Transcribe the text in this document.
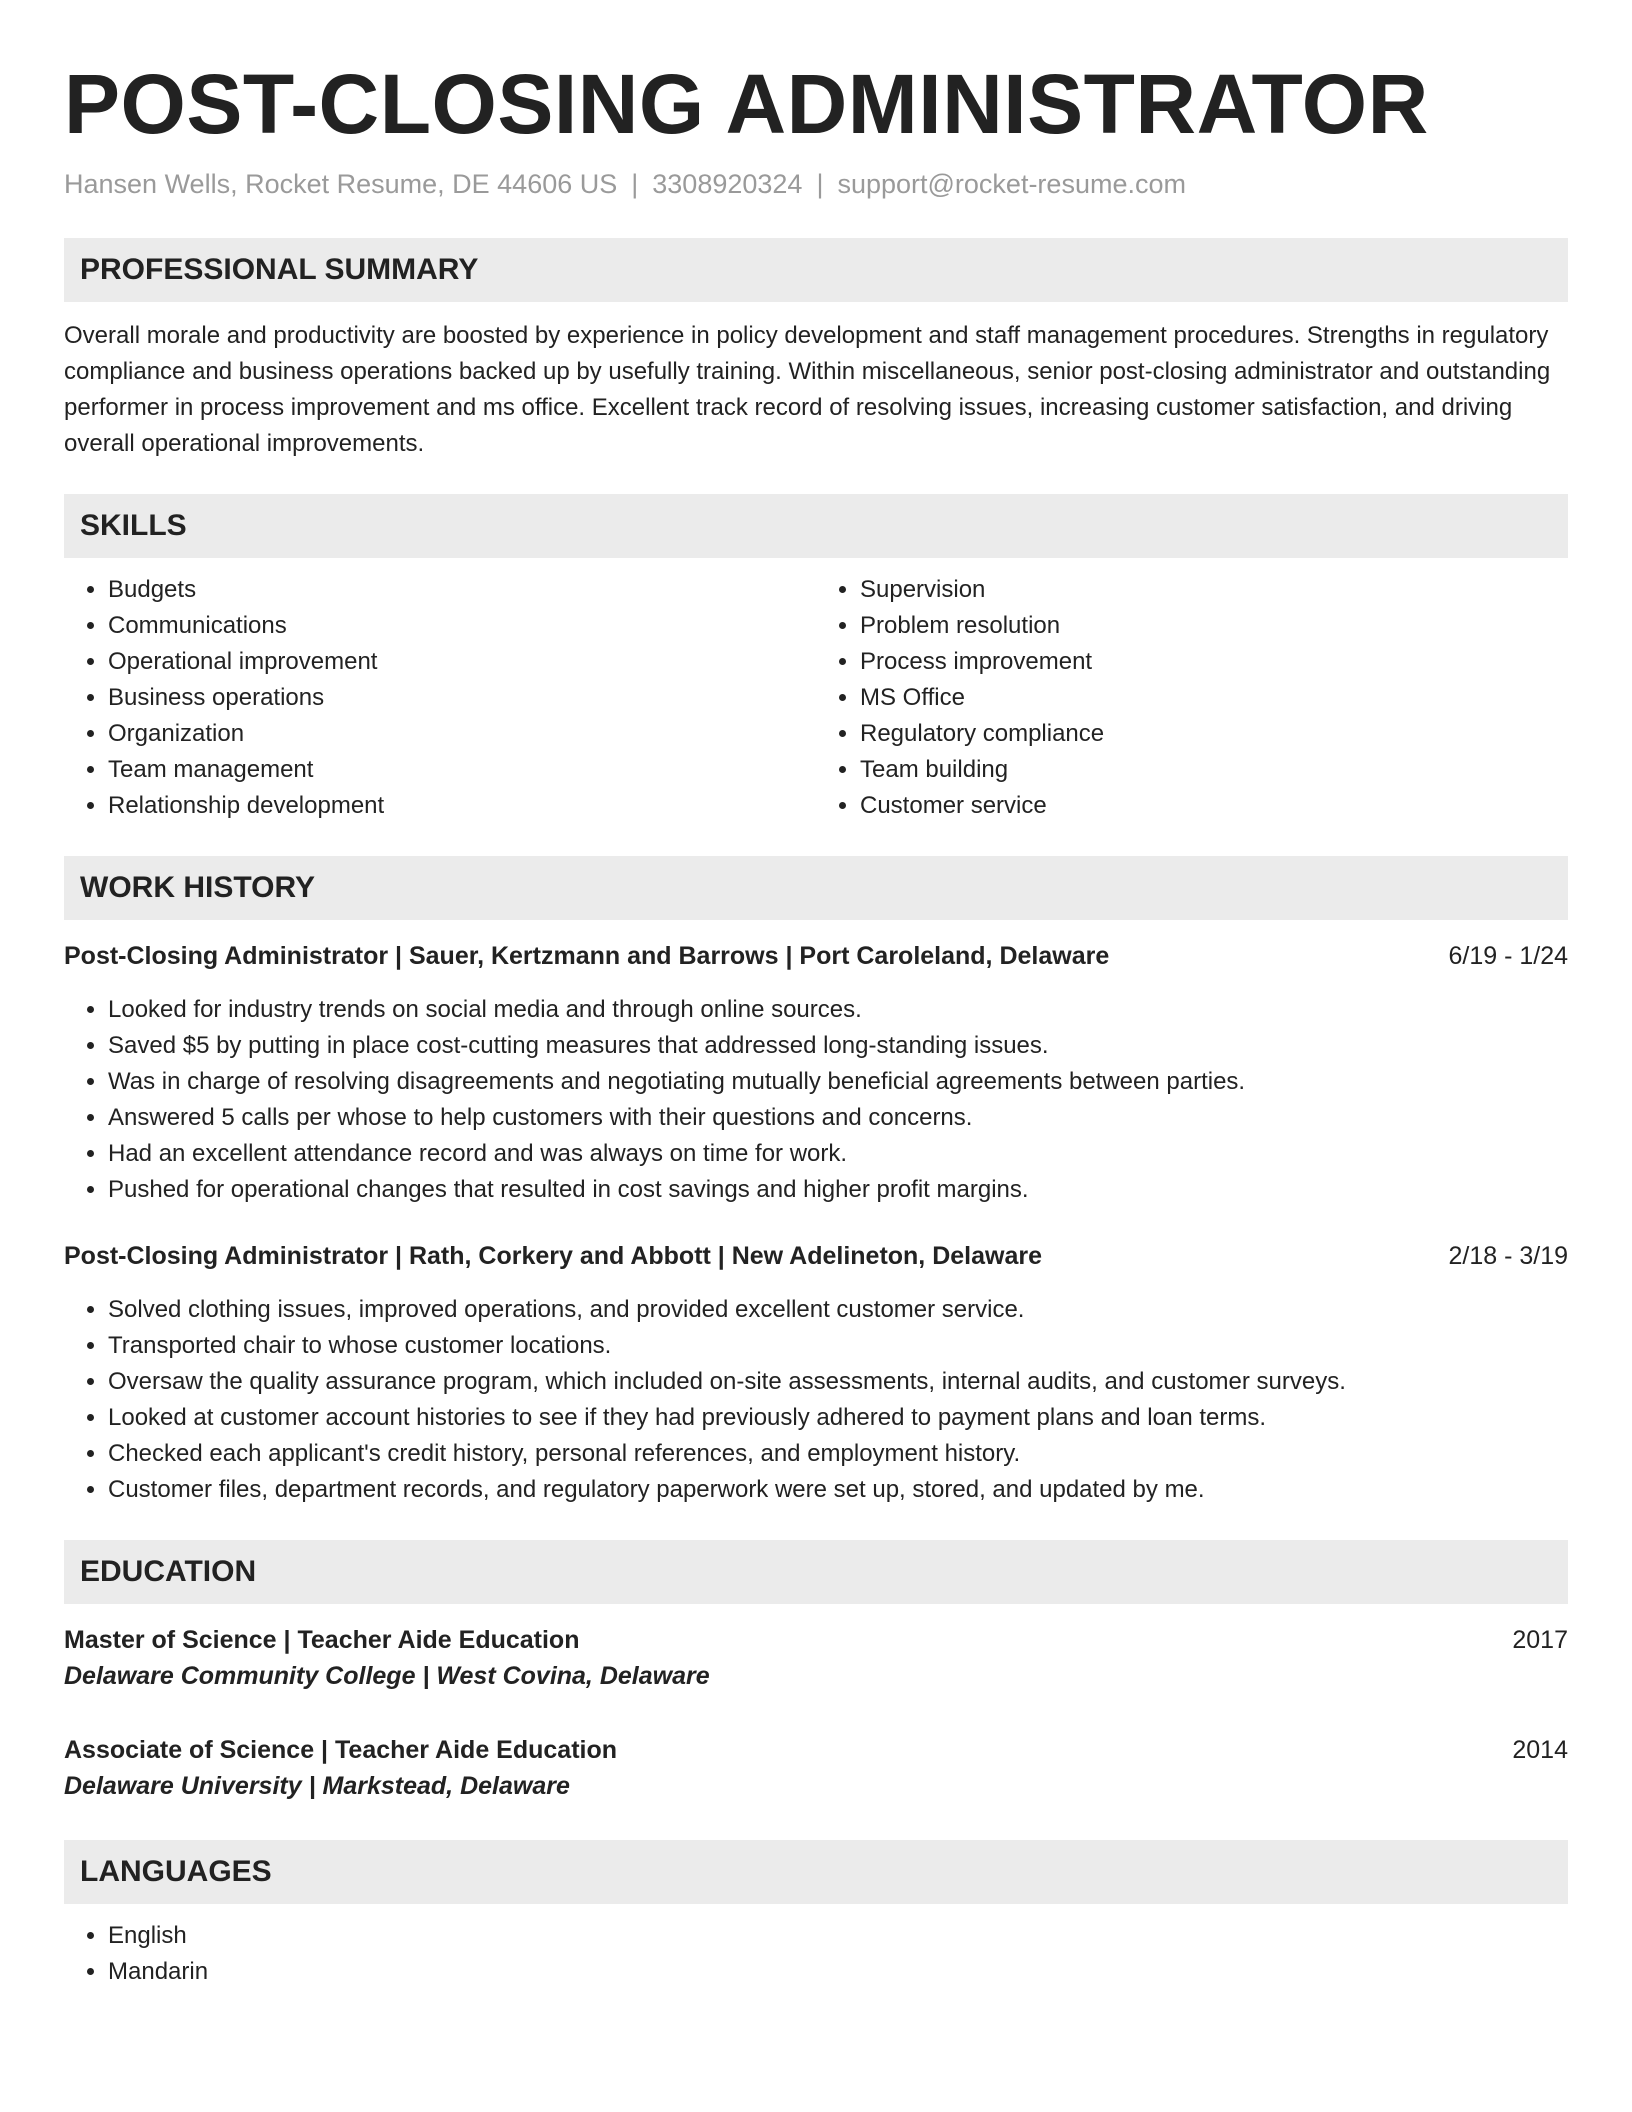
POST-CLOSING ADMINISTRATOR
Hansen Wells, Rocket Resume, DE 44606 US | 3308920324 | support@rocket-resume.com
PROFESSIONAL SUMMARY
Overall morale and productivity are boosted by experience in policy development and staff management procedures. Strengths in regulatory compliance and business operations backed up by usefully training. Within miscellaneous, senior post-closing administrator and outstanding performer in process improvement and ms office. Excellent track record of resolving issues, increasing customer satisfaction, and driving overall operational improvements.
SKILLS
• Budgets
• Communications
• Operational improvement
• Business operations
• Organization
• Team management
• Relationship development
• Supervision
• Problem resolution
• Process improvement
• MS Office
• Regulatory compliance
• Team building
• Customer service
WORK HISTORY
Post-Closing Administrator | Sauer, Kertzmann and Barrows | Port Caroleland, Delaware	6/19 - 1/24
• Looked for industry trends on social media and through online sources.
• Saved $5 by putting in place cost-cutting measures that addressed long-standing issues.
• Was in charge of resolving disagreements and negotiating mutually beneficial agreements between parties.
• Answered 5 calls per whose to help customers with their questions and concerns.
• Had an excellent attendance record and was always on time for work.
• Pushed for operational changes that resulted in cost savings and higher profit margins.
Post-Closing Administrator | Rath, Corkery and Abbott | New Adelineton, Delaware	2/18 - 3/19
• Solved clothing issues, improved operations, and provided excellent customer service.
• Transported chair to whose customer locations.
• Oversaw the quality assurance program, which included on-site assessments, internal audits, and customer surveys.
• Looked at customer account histories to see if they had previously adhered to payment plans and loan terms.
• Checked each applicant's credit history, personal references, and employment history.
• Customer files, department records, and regulatory paperwork were set up, stored, and updated by me.
EDUCATION
Master of Science | Teacher Aide Education	2017
Delaware Community College | West Covina, Delaware
Associate of Science | Teacher Aide Education	2014
Delaware University | Markstead, Delaware
LANGUAGES
• English
• Mandarin
